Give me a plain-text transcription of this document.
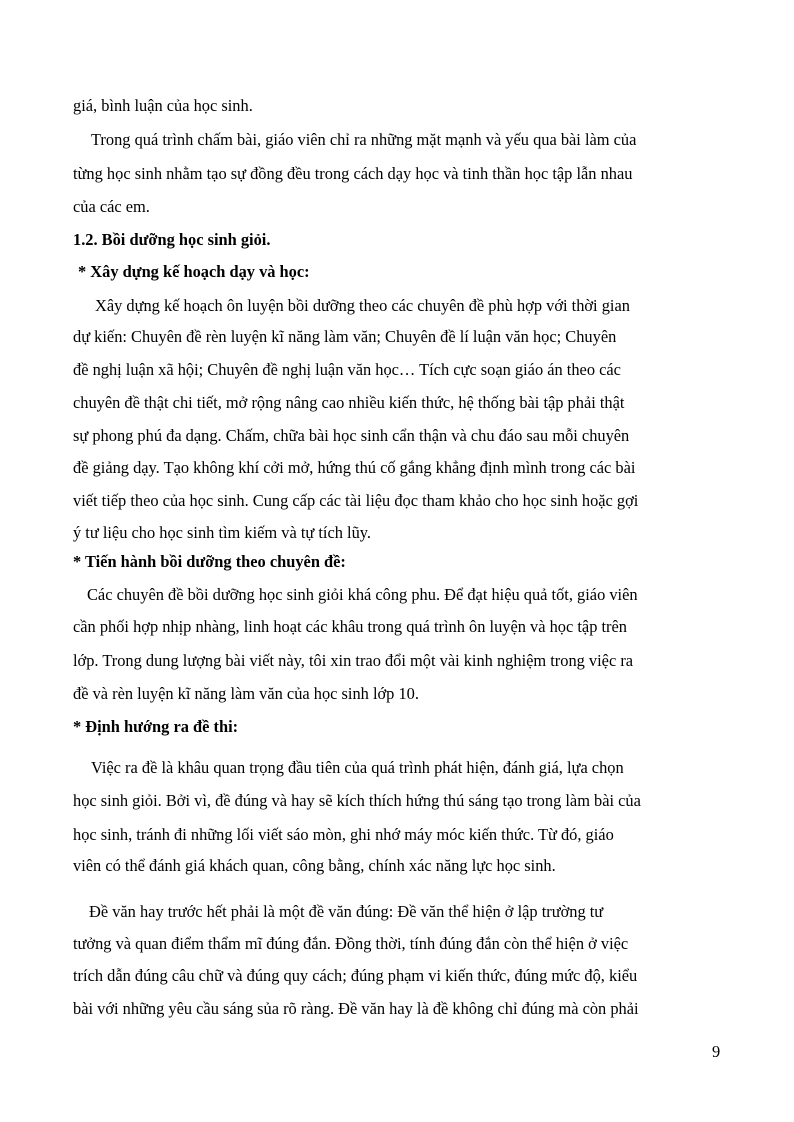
giá, bình luận của học sinh.

Trong quá trình chấm bài, giáo viên chỉ ra những mặt mạnh và yếu qua bài làm của

từng học sinh nhằm tạo sự đồng đều trong cách dạy học và tinh thần học tập lẫn nhau

của các em.

1.2. Bồi dưỡng học sinh giỏi.

* Xây dựng kế hoạch dạy và học:

Xây dựng kế hoạch ôn luyện bồi dưỡng theo các chuyên đề phù hợp với thời gian

dự kiến: Chuyên đề rèn luyện kĩ năng làm văn; Chuyên đề lí luận văn học; Chuyên

đề nghị luận xã hội; Chuyên đề nghị luận văn học… Tích cực soạn giáo án theo các

chuyên đề thật chi tiết, mở rộng nâng cao nhiều kiến thức, hệ thống bài tập phải thật

sự phong phú đa dạng. Chấm, chữa bài học sinh cẩn thận và chu đáo sau mỗi chuyên

đề giảng dạy. Tạo không khí cởi mở, hứng thú cố gắng khẳng định mình trong các bài

viết tiếp theo của học sinh. Cung cấp các tài liệu đọc tham khảo cho học sinh hoặc gợi

ý tư liệu cho học sinh tìm kiếm và tự tích lũy.

* Tiến hành bồi dưỡng theo chuyên đề:

Các chuyên đề bồi dưỡng học sinh giỏi khá công phu. Để đạt hiệu quả tốt, giáo viên

cần phối hợp nhịp nhàng, linh hoạt các khâu trong quá trình ôn luyện và học tập trên

lớp. Trong dung lượng bài viết này, tôi xin trao đổi một vài kinh nghiệm trong việc ra

đề và rèn luyện kĩ năng làm văn của học sinh lớp 10.

* Định hướng ra đề thi:

Việc ra đề là khâu quan trọng đầu tiên của quá trình phát hiện, đánh giá, lựa chọn

học sinh giỏi. Bởi vì, đề đúng và hay sẽ kích thích hứng thú sáng tạo trong làm bài của

học sinh, tránh đi những lối viết sáo mòn, ghi nhớ máy móc kiến thức. Từ đó, giáo

viên có thể đánh giá khách quan, công bằng, chính xác năng lực học sinh.

Đề văn hay trước hết phải là một đề văn đúng: Đề văn thể hiện ở lập trường tư

tưởng và quan điểm thẩm mĩ đúng đắn. Đồng thời, tính đúng đắn còn thể hiện ở việc

trích dẫn đúng câu chữ và đúng quy cách; đúng phạm vi kiến thức, đúng mức độ, kiểu

bài với những yêu cầu sáng sủa rõ ràng. Đề văn hay là đề không chỉ đúng mà còn phải

9
